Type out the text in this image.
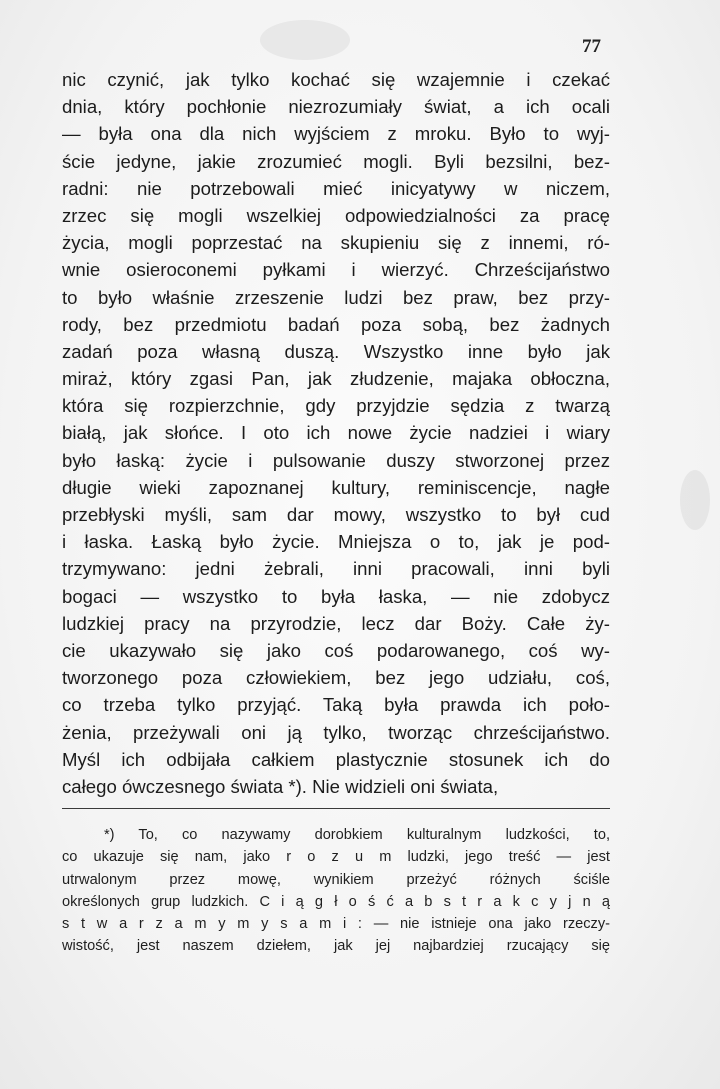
77
nic czynić, jak tylko kochać się wzajemnie i czekać
dnia, który pochłonie niezrozumiały świat, a ich ocali
— była ona dla nich wyjściem z mroku. Było to wyj-
ście jedyne, jakie zrozumieć mogli. Byli bezsilni, bez-
radni: nie potrzebowali mieć inicyatywy w niczem,
zrzec się mogli wszelkiej odpowiedzialności za pracę
życia, mogli poprzestać na skupieniu się z innemi, ró-
wnie osieroconemi pyłkami i wierzyć. Chrześcijaństwo
to było właśnie zrzeszenie ludzi bez praw, bez przy-
rody, bez przedmiotu badań poza sobą, bez żadnych
zadań poza własną duszą. Wszystko inne było jak
miraż, który zgasi Pan, jak złudzenie, majaka obłoczna,
która się rozpierzchnie, gdy przyjdzie sędzia z twarzą
białą, jak słońce. I oto ich nowe życie nadziei i wiary
było łaską: życie i pulsowanie duszy stworzonej przez
długie wieki zapoznanej kultury, reminiscencje, nagłe
przebłyski myśli, sam dar mowy, wszystko to był cud
i łaska. Łaską było życie. Mniejsza o to, jak je pod-
trzymywano: jedni żebrali, inni pracowali, inni byli
bogaci — wszystko to była łaska, — nie zdobycz
ludzkiej pracy na przyrodzie, lecz dar Boży. Całe ży-
cie ukazywało się jako coś podarowanego, coś wy-
tworzonego poza człowiekiem, bez jego udziału, coś,
co trzeba tylko przyjąć. Taką była prawda ich poło-
żenia, przeżywali oni ją tylko, tworząc chrześcijaństwo.
Myśl ich odbijała całkiem plastycznie stosunek ich do
całego ówczesnego świata *). Nie widzieli oni świata,
*) To, co nazywamy dorobkiem kulturalnym ludzkości, to,
co ukazuje się nam, jako r o z u m ludzki, jego treść — jest
utrwalonym przez mowę, wynikiem przeżyć różnych ściśle
określonych grup ludzkich. C i ą g ł o ś ć a b s t r a k c y j n ą
s t w a r z a m y m y s a m i : — nie istnieje ona jako rzeczy-
wistość, jest naszem dziełem, jak jej najbardziej rzucający się
